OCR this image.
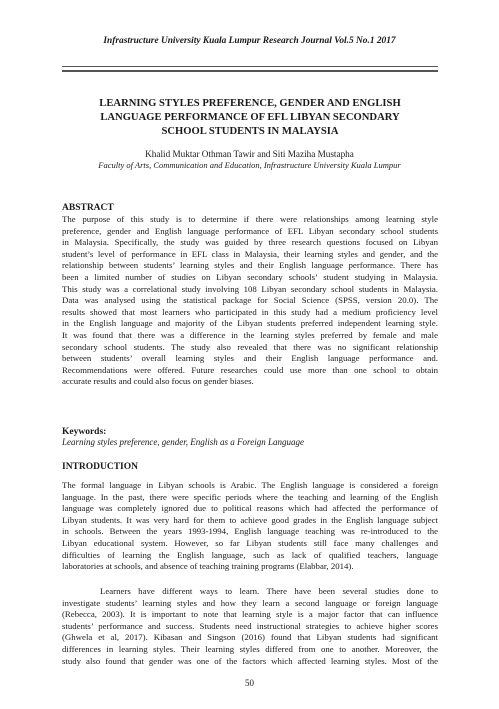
Infrastructure University Kuala Lumpur Research Journal Vol.5 No.1 2017
LEARNING STYLES PREFERENCE, GENDER AND ENGLISH
LANGUAGE PERFORMANCE OF EFL LIBYAN SECONDARY
SCHOOL STUDENTS IN MALAYSIA
Khalid Muktar Othman Tawir and Siti Maziha Mustapha
Faculty of Arts, Communication and Education, Infrastructure University Kuala Lumpur
ABSTRACT
The purpose of this study is to determine if there were relationships among learning style
preference, gender and English language performance of EFL Libyan secondary school students
in Malaysia. Specifically, the study was guided by three research questions focused on Libyan
student’s level of performance in EFL class in Malaysia, their learning styles and gender, and the
relationship between students’ learning styles and their English language performance. There has
been a limited number of studies on Libyan secondary schools’ student studying in Malaysia.
This study was a correlational study involving 108 Libyan secondary school students in Malaysia.
Data was analysed using the statistical package for Social Science (SPSS, version 20.0). The
results showed that most learners who participated in this study had a medium proficiency level
in the English language and majority of the Libyan students preferred independent learning style.
It was found that there was a difference in the learning styles preferred by female and male
secondary school students. The study also revealed that there was no significant relationship
between students’ overall learning styles and their English language performance and.
Recommendations were offered. Future researches could use more than one school to obtain
accurate results and could also focus on gender biases.
Keywords:
Learning styles preference, gender, English as a Foreign Language
INTRODUCTION
The formal language in Libyan schools is Arabic. The English language is considered a foreign
language. In the past, there were specific periods where the teaching and learning of the English
language was completely ignored due to political reasons which had affected the performance of
Libyan students. It was very hard for them to achieve good grades in the English language subject
in schools. Between the years 1993-1994, English language teaching was re-introduced to the
Libyan educational system. However, so far Libyan students still face many challenges and
difficulties of learning the English language, such as lack of qualified teachers, language
laboratories at schools, and absence of teaching training programs (Elabbar, 2014).
Learners have different ways to learn. There have been several studies done to
investigate students’ learning styles and how they learn a second language or foreign language
(Rebecca, 2003). It is important to note that learning style is a major factor that can influence
students’ performance and success. Students need instructional strategies to achieve higher scores
(Ghwela et al, 2017). Kibasan and Singson (2016) found that Libyan students had significant
differences in learning styles. Their learning styles differed from one to another. Moreover, the
study also found that gender was one of the factors which affected learning styles. Most of the
50
